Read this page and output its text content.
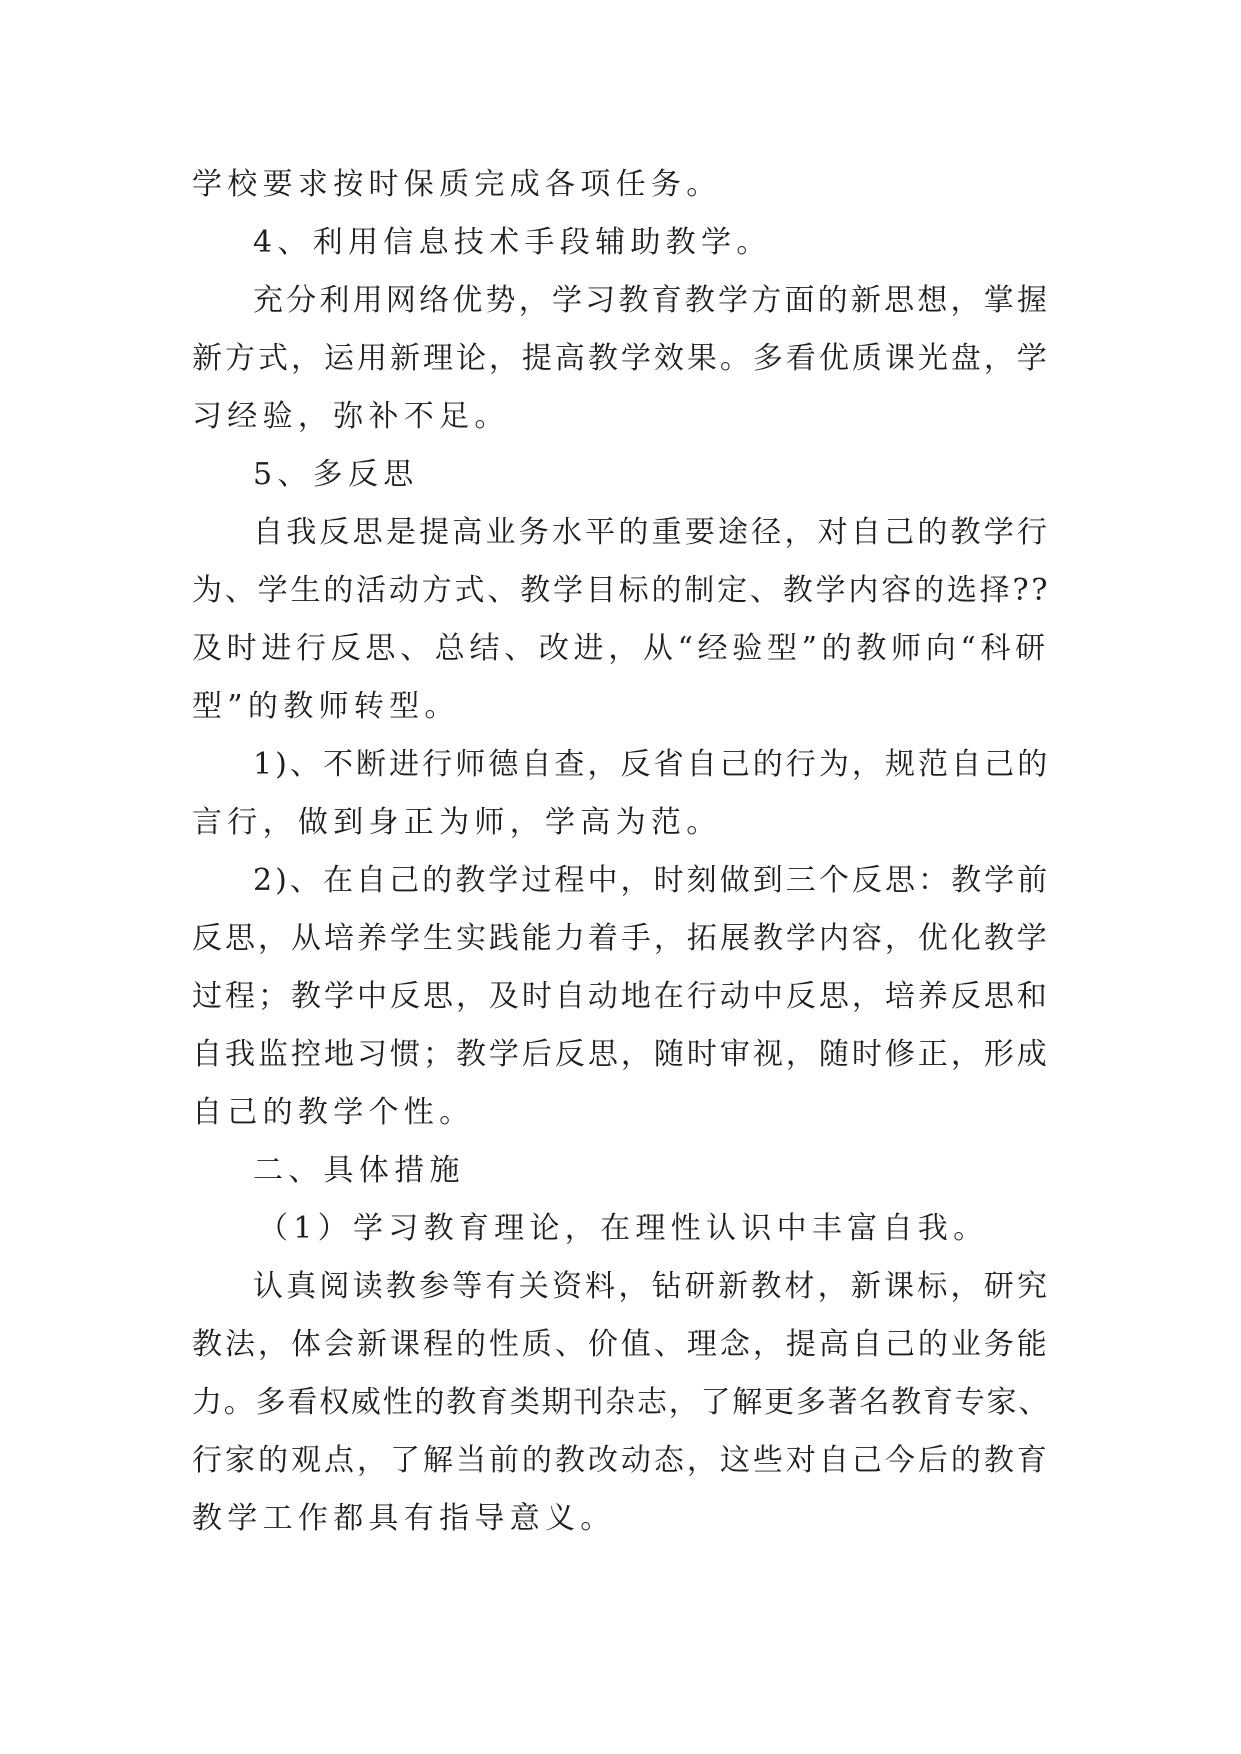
学校要求按时保质完成各项任务。

4、利用信息技术手段辅助教学。

充分利用网络优势，学习教育教学方面的新思想，掌握

新方式，运用新理论，提高教学效果。多看优质课光盘，学

习经验，弥补不足。

5、多反思

自我反思是提高业务水平的重要途径，对自己的教学行

为、学生的活动方式、教学目标的制定、教学内容的选择??

及时进行反思、总结、改进，从“经验型”的教师向“科研

型”的教师转型。

1)、不断进行师德自查，反省自己的行为，规范自己的

言行，做到身正为师，学高为范。

2)、在自己的教学过程中，时刻做到三个反思：教学前

反思，从培养学生实践能力着手，拓展教学内容，优化教学

过程；教学中反思，及时自动地在行动中反思，培养反思和

自我监控地习惯；教学后反思，随时审视，随时修正，形成

自己的教学个性。

二、具体措施

（1）学习教育理论，在理性认识中丰富自我。

认真阅读教参等有关资料，钻研新教材，新课标，研究

教法，体会新课程的性质、价值、理念，提高自己的业务能

力。多看权威性的教育类期刊杂志，了解更多著名教育专家、

行家的观点，了解当前的教改动态，这些对自己今后的教育

教学工作都具有指导意义。
